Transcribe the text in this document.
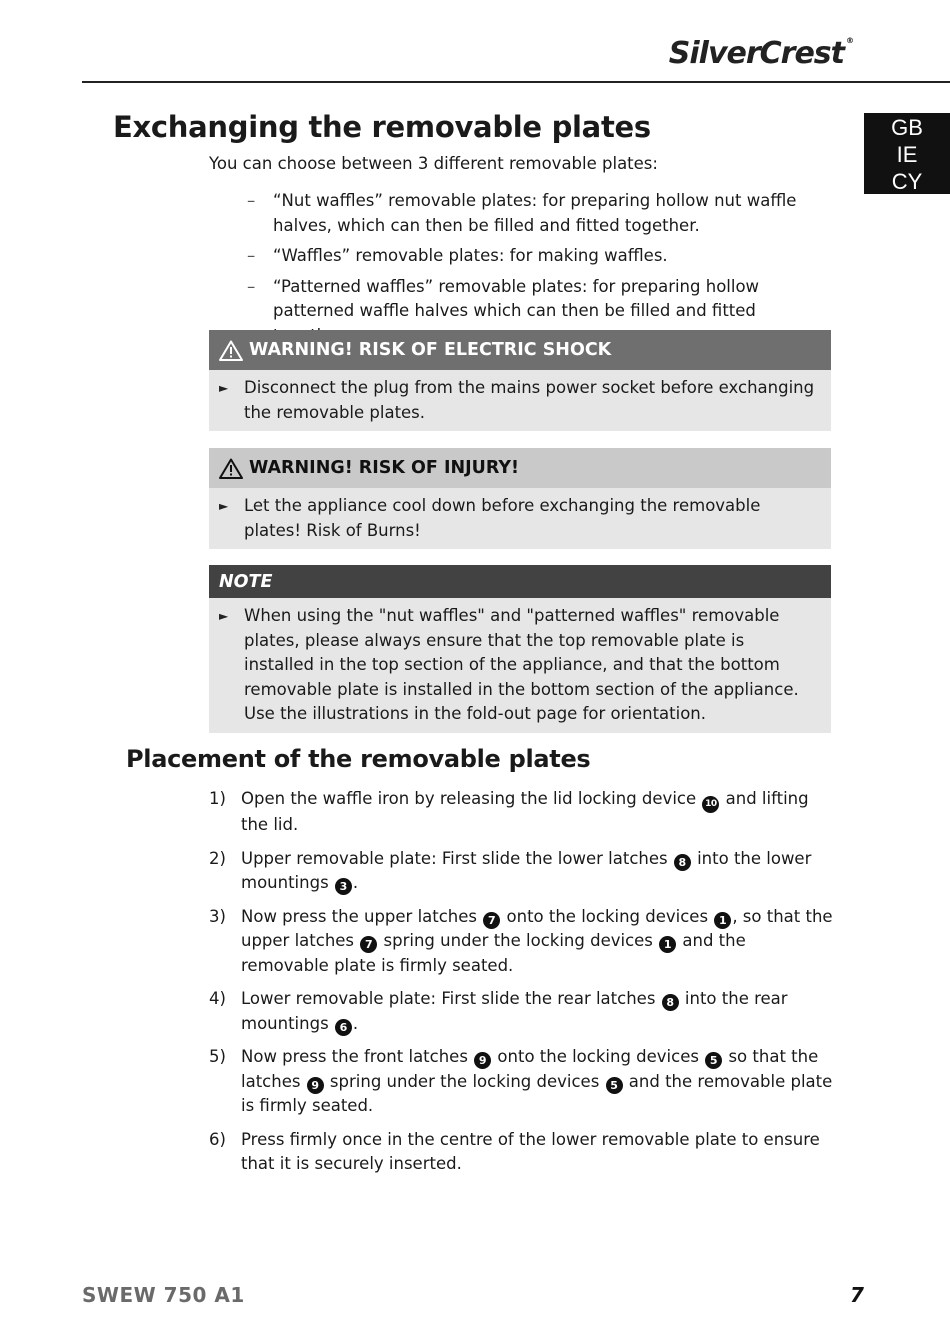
SilverCrest ®
GB
IE
CY
Exchanging the removable plates

You can choose between 3 different removable plates:

– “Nut waffles” removable plates: for preparing hollow nut waffle halves, which can then be filled and fitted together.
– “Waffles” removable plates: for making waffles.
– “Patterned waffles” removable plates: for preparing hollow patterned waffle halves which can then be filled and fitted
WARNING! RISK OF ELECTRIC SHOCK
► Disconnect the plug from the mains power socket before exchanging the removable plates.
WARNING! RISK OF INJURY!
► Let the appliance cool down before exchanging the removable plates! Risk of Burns!
NOTE
► When using the "nut waffles" and "patterned waffles" removable plates, please always ensure that the top removable plate is installed in the top section of the appliance, and that the bottom removable plate is installed in the bottom section of the appliance. Use the illustrations in the fold-out page for orientation.
Placement of the removable plates
1) Open the waffle iron by releasing the lid locking device 10 and lifting the lid.
2) Upper removable plate: First slide the lower latches 8 into the lower mountings 3 .
3) Now press the upper latches 7 onto the locking devices 1 , so that the upper latches 7 spring under the locking devices 1 and the removable plate is firmly seated.
4) Lower removable plate: First slide the rear latches 8 into the rear mountings 6 .
5) Now press the front latches 9 onto the locking devices 5 so that the latches 9 spring under the locking devices 5 and the removable plate is firmly seated.
6) Press firmly once in the centre of the lower removable plate to ensure that it is securely inserted.
SWEW 750 A1	7
